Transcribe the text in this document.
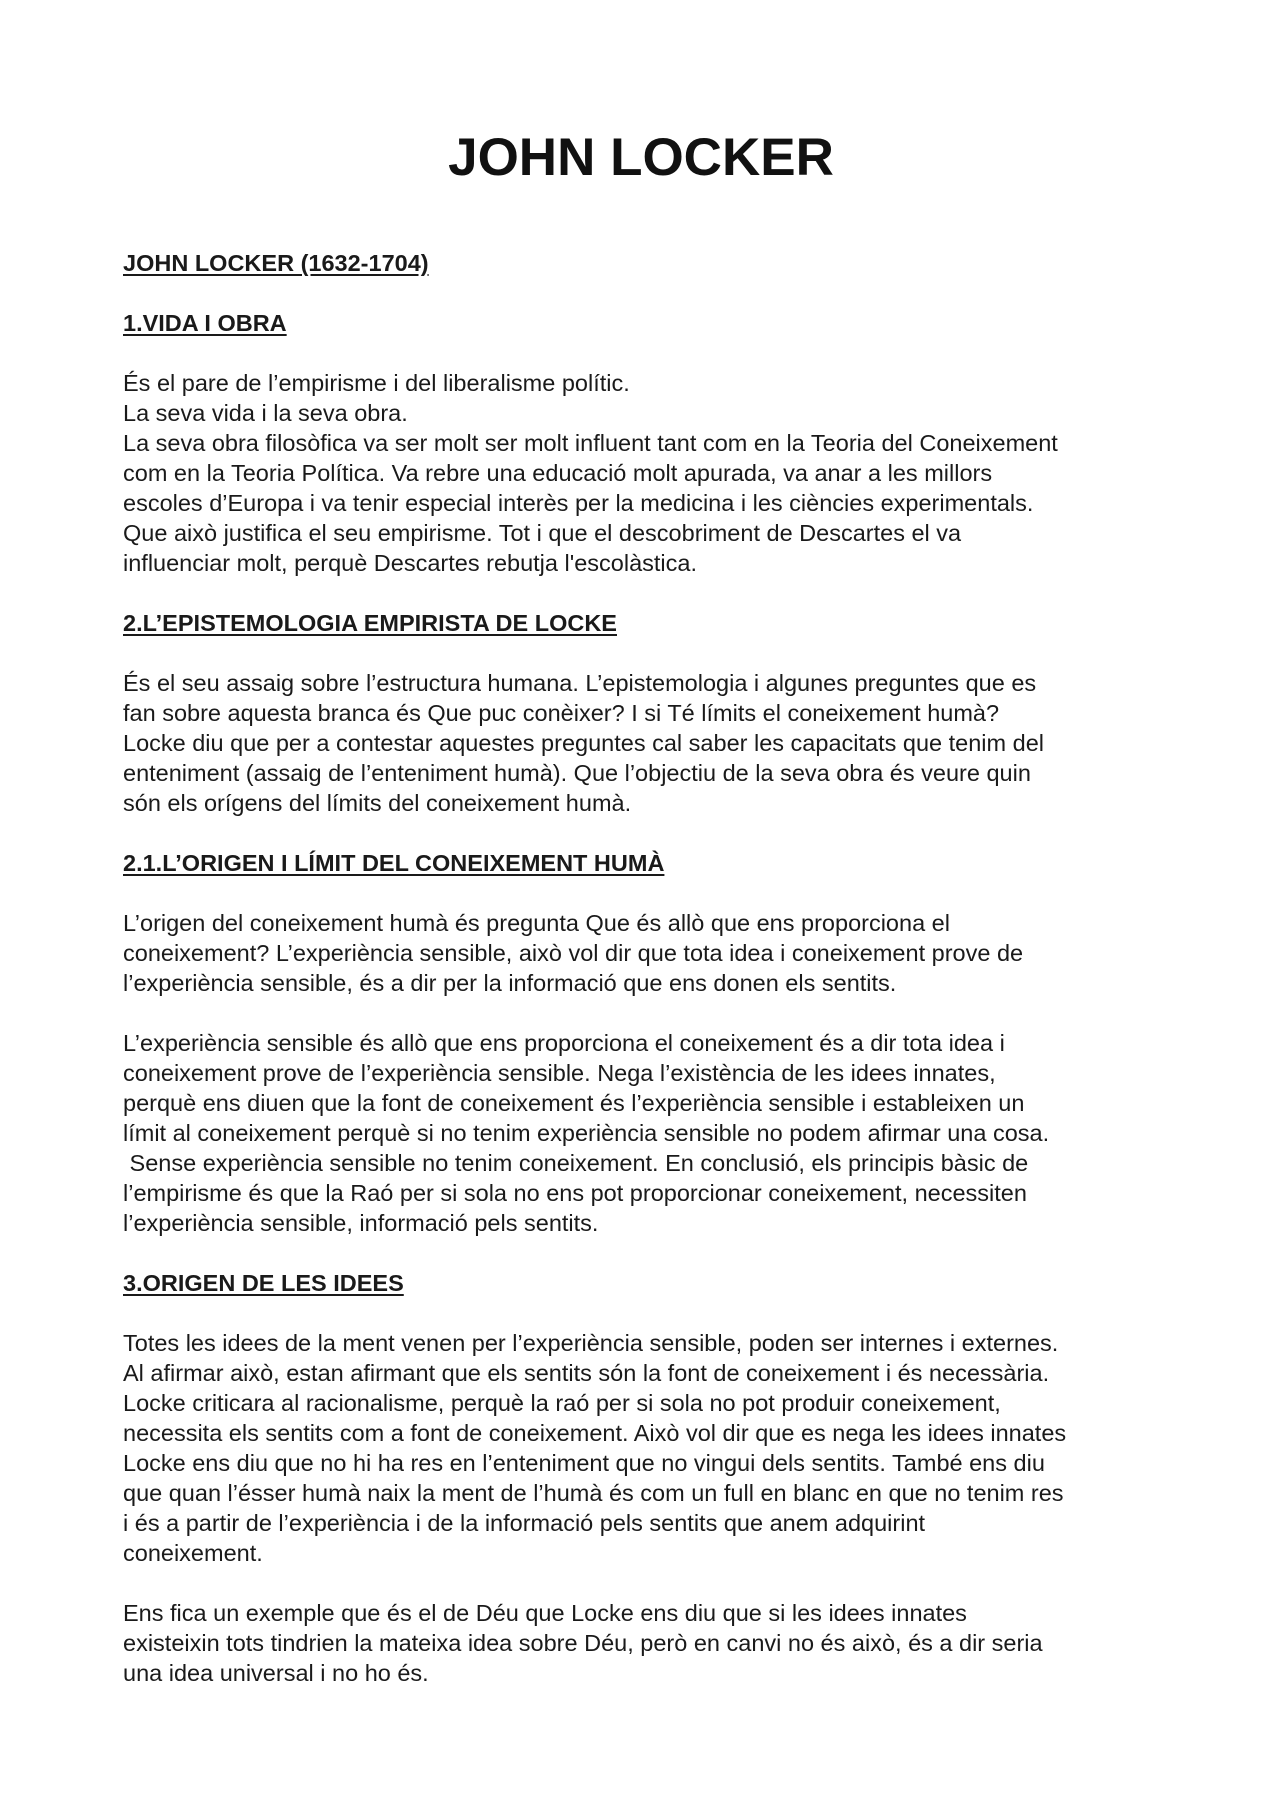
JOHN LOCKER
JOHN LOCKER (1632-1704)
1.VIDA I OBRA
És el pare de l’empirisme i del liberalisme polític.
La seva vida i la seva obra.
La seva obra filosòfica va ser molt ser molt influent tant com en la Teoria del Coneixement
com en la Teoria Política. Va rebre una educació molt apurada, va anar a les millors
escoles d’Europa i va tenir especial interès per la medicina i les ciències experimentals.
Que això justifica el seu empirisme. Tot i que el descobriment de Descartes el va
influenciar molt, perquè Descartes rebutja l'escolàstica.
2.L’EPISTEMOLOGIA EMPIRISTA DE LOCKE
És el seu assaig sobre l’estructura humana. L’epistemologia i algunes preguntes que es
fan sobre aquesta branca és Que puc conèixer? I si Té límits el coneixement humà?
Locke diu que per a contestar aquestes preguntes cal saber les capacitats que tenim del
enteniment (assaig de l’enteniment humà). Que l’objectiu de la seva obra és veure quin
són els orígens del límits del coneixement humà.
2.1.L’ORIGEN I LÍMIT DEL CONEIXEMENT HUMÀ
L’origen del coneixement humà és pregunta Que és allò que ens proporciona el
coneixement? L’experiència sensible, això vol dir que tota idea i coneixement prove de
l’experiència sensible, és a dir per la informació que ens donen els sentits.
L’experiència sensible és allò que ens proporciona el coneixement és a dir tota idea i
coneixement prove de l’experiència sensible. Nega l’existència de les idees innates,
perquè ens diuen que la font de coneixement és l’experiència sensible i estableixen un
límit al coneixement perquè si no tenim experiència sensible no podem afirmar una cosa.
Sense experiència sensible no tenim coneixement. En conclusió, els principis bàsic de
l’empirisme és que la Raó per si sola no ens pot proporcionar coneixement, necessiten
l’experiència sensible, informació pels sentits.
3.ORIGEN DE LES IDEES
Totes les idees de la ment venen per l’experiència sensible, poden ser internes i externes.
Al afirmar això, estan afirmant que els sentits són la font de coneixement i és necessària.
Locke criticara al racionalisme, perquè la raó per si sola no pot produir coneixement,
necessita els sentits com a font de coneixement. Això vol dir que es nega les idees innates
Locke ens diu que no hi ha res en l’enteniment que no vingui dels sentits. També ens diu
que quan l’ésser humà naix la ment de l’humà és com un full en blanc en que no tenim res
i és a partir de l’experiència i de la informació pels sentits que anem adquirint
coneixement.
Ens fica un exemple que és el de Déu que Locke ens diu que si les idees innates
existeixin tots tindrien la mateixa idea sobre Déu, però en canvi no és això, és a dir seria
una idea universal i no ho és.
